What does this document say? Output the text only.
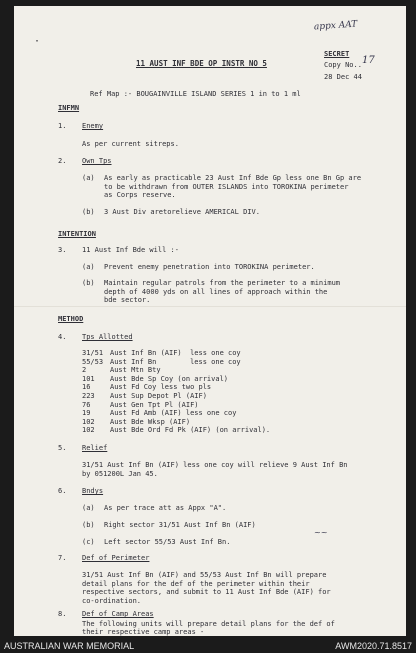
appx AAT
·
11 AUST INF BDE OP INSTR NO 5
SECRET
Copy No.. 17
28 Dec 44
Ref Map :- BOUGAINVILLE ISLAND SERIES 1 in to 1 ml
INFMN
1. Enemy
As per current sitreps.
2. Own Tps
(a) As early as practicable 23 Aust Inf Bde Gp less one Bn Gp are
to be withdrawn from OUTER ISLANDS into TOROKINA perimeter
as Corps reserve.
(b) 3 Aust Div aretorelieve AMERICAL DIV.
INTENTION
3. 11 Aust Inf Bde will :-
(a) Prevent enemy penetration into TOROKINA perimeter.
(b) Maintain regular patrols from the perimeter to a minimum
depth of 4000 yds on all lines of approach within the
bde sector.
METHOD
4. Tps Allotted
31/51 Aust Inf Bn (AIF)  less one coy
55/53 Aust Inf Bn        less one coy
2	Aust Mtn Bty
101 Aust Bde Sp Coy (on arrival)
16	Aust Fd Coy less two pls
223 Aust Sup Depot Pl (AIF)
76	Aust Gen Tpt Pl (AIF)
19	Aust Fd Amb (AIF) less one coy
102 Aust Bde Wksp (AIF)
102 Aust Bde Ord Fd Pk (AIF) (on arrival).
5. Relief
31/51 Aust Inf Bn (AIF) less one coy will relieve 9 Aust Inf Bn
by 051200L Jan 45.
6. Bndys
(a) As per trace att as Appx "A".
(b) Right sector 31/51 Aust Inf Bn (AIF)
(c) Left sector 55/53 Aust Inf Bn.
~~
7. Def of Perimeter
31/51 Aust Inf Bn (AIF) and 55/53 Aust Inf Bn will prepare
detail plans for the def of the perimeter within their
respective sectors, and submit to 11 Aust Inf Bde (AIF) for
co-ordination.
8. Def of Camp Areas
The following units will prepare detail plans for the def of
their respective camp areas -
AUSTRALIAN WAR MEMORIAL	AWM2020.71.8517
